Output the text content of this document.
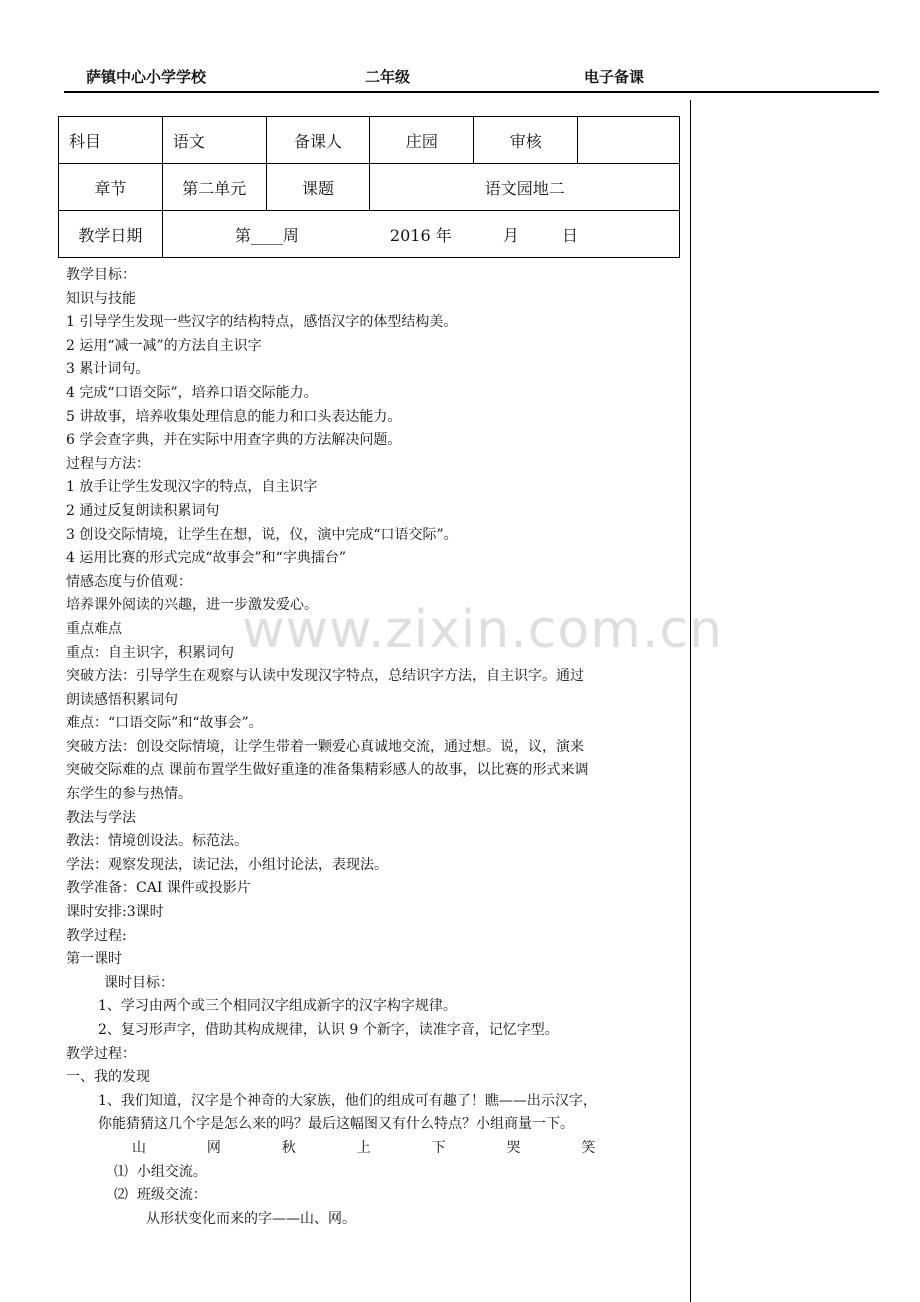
萨镇中心小学学校	二年级	电子备课
科目	语文	备课人	庄园	审核	
章节	第二单元	课题	语文园地二		
教学日期	第____周 2016 年 月 日				

教学目标：

知识与技能

1 引导学生发现一些汉字的结构特点，感悟汉字的体型结构美。

2 运用“减一减”的方法自主识字

3 累计词句。

4 完成“口语交际”，培养口语交际能力。

5 讲故事，培养收集处理信息的能力和口头表达能力。

6 学会查字典，并在实际中用查字典的方法解决问题。

过程与方法：

1 放手让学生发现汉字的特点，自主识字

2 通过反复朗读积累词句

3 创设交际情境，让学生在想，说，仪，演中完成“口语交际”。

4 运用比赛的形式完成“故事会”和“字典擂台”

情感态度与价值观：

培养课外阅读的兴趣，进一步激发爱心。

重点难点

重点：自主识字，积累词句

突破方法：引导学生在观察与认读中发现汉字特点，总结识字方法，自主识字。通过

朗读感悟积累词句

难点：“口语交际”和“故事会”。

突破方法：创设交际情境，让学生带着一颗爱心真诚地交流，通过想。说，议，演来

突破交际难的点 课前布置学生做好重逢的准备集精彩感人的故事，以比赛的形式来调

东学生的参与热情。

教法与学法

教法：情境创设法。标范法。

学法：观察发现法，读记法，小组讨论法，表现法。

教学准备：CAI 课件或投影片

课时安排:3课时

教学过程:

第一课时

课时目标：

1、学习由两个或三个相同汉字组成新字的汉字构字规律。

2、复习形声字，借助其构成规律，认识 9 个新字，读准字音，记忆字型。

教学过程：

一、我的发现

1、我们知道，汉字是个神奇的大家族，他们的组成可有趣了！瞧——出示汉字，

你能猜猜这几个字是怎么来的吗？最后这幅图又有什么特点？小组商量一下。

山  网  秋  上  下  哭  笑

⑴  小组交流。

⑵  班级交流：

从形状变化而来的字——山、网。

www.zixin.com.cn
